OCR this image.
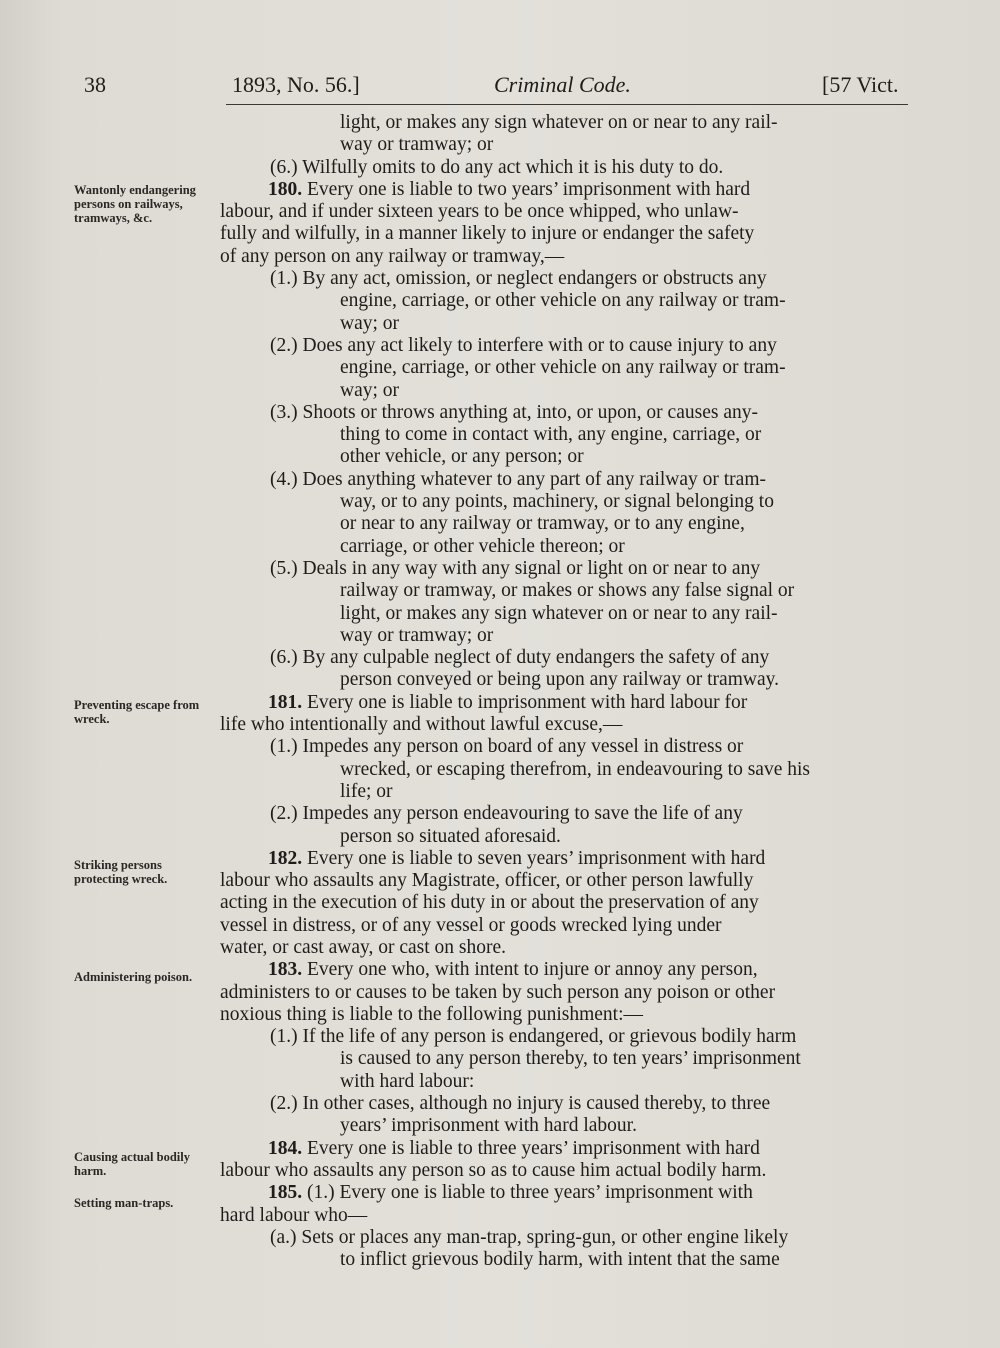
38	1893, No. 56.]	Criminal Code.	[57 Vict.
Wantonly endangering persons on railways, tramways, &c.
Preventing escape from wreck.
Striking persons protecting wreck.
Administering poison.
Causing actual bodily harm.
Setting man-traps.
light, or makes any sign whatever on or near to any rail-
way or tramway; or
(6.) Wilfully omits to do any act which it is his duty to do.
180. Every one is liable to two years’ imprisonment with hard
labour, and if under sixteen years to be once whipped, who unlaw-
fully and wilfully, in a manner likely to injure or endanger the safety
of any person on any railway or tramway,—
(1.) By any act, omission, or neglect endangers or obstructs any
engine, carriage, or other vehicle on any railway or tram-
way; or
(2.) Does any act likely to interfere with or to cause injury to any
engine, carriage, or other vehicle on any railway or tram-
way; or
(3.) Shoots or throws anything at, into, or upon, or causes any-
thing to come in contact with, any engine, carriage, or
other vehicle, or any person; or
(4.) Does anything whatever to any part of any railway or tram-
way, or to any points, machinery, or signal belonging to
or near to any railway or tramway, or to any engine,
carriage, or other vehicle thereon; or
(5.) Deals in any way with any signal or light on or near to any
railway or tramway, or makes or shows any false signal or
light, or makes any sign whatever on or near to any rail-
way or tramway; or
(6.) By any culpable neglect of duty endangers the safety of any
person conveyed or being upon any railway or tramway.
181. Every one is liable to imprisonment with hard labour for
life who intentionally and without lawful excuse,—
(1.) Impedes any person on board of any vessel in distress or
wrecked, or escaping therefrom, in endeavouring to save his
life; or
(2.) Impedes any person endeavouring to save the life of any
person so situated aforesaid.
182. Every one is liable to seven years’ imprisonment with hard
labour who assaults any Magistrate, officer, or other person lawfully
acting in the execution of his duty in or about the preservation of any
vessel in distress, or of any vessel or goods wrecked lying under
water, or cast away, or cast on shore.
183. Every one who, with intent to injure or annoy any person,
administers to or causes to be taken by such person any poison or other
noxious thing is liable to the following punishment:—
(1.) If the life of any person is endangered, or grievous bodily harm
is caused to any person thereby, to ten years’ imprisonment
with hard labour:
(2.) In other cases, although no injury is caused thereby, to three
years’ imprisonment with hard labour.
184. Every one is liable to three years’ imprisonment with hard
labour who assaults any person so as to cause him actual bodily harm.
185. (1.) Every one is liable to three years’ imprisonment with
hard labour who—
(a.) Sets or places any man-trap, spring-gun, or other engine likely
to inflict grievous bodily harm, with intent that the same
